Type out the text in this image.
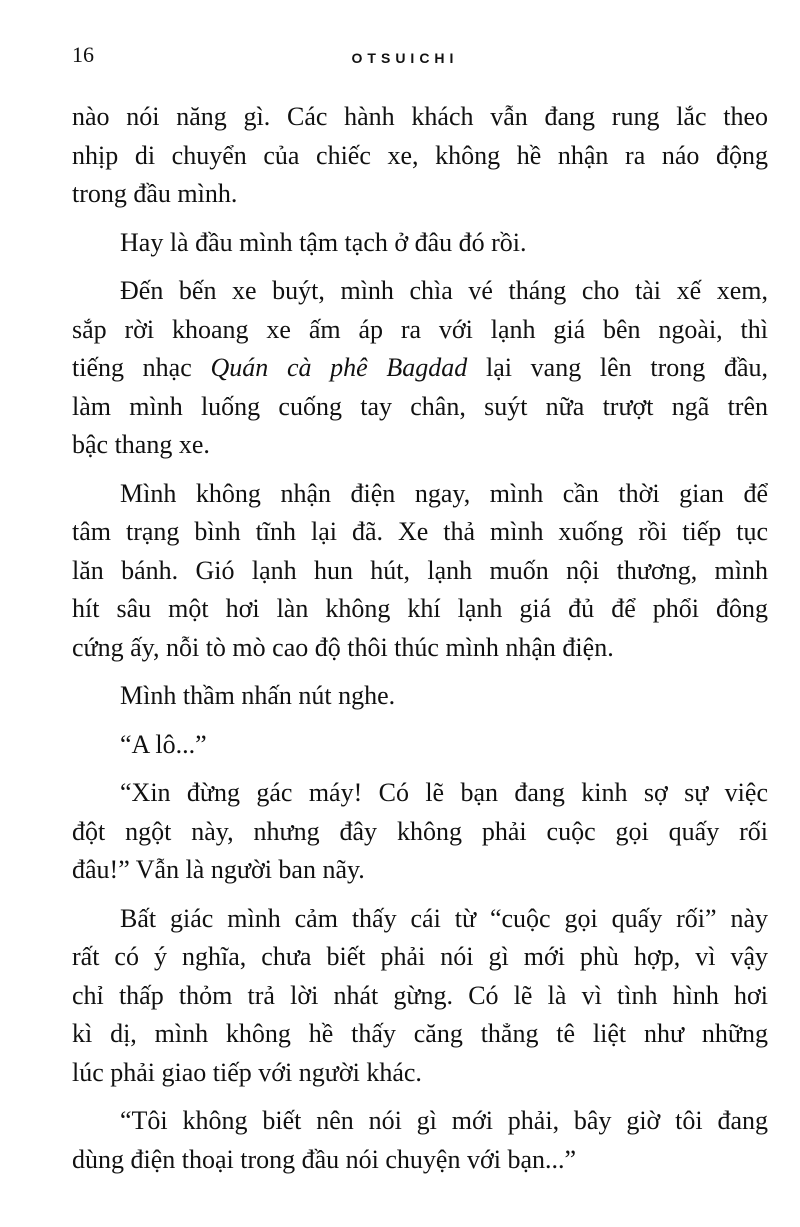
16	OTSUICHI
nào nói năng gì. Các hành khách vẫn đang rung lắc theo
nhịp di chuyển của chiếc xe, không hề nhận ra náo động
trong đầu mình.
Hay là đầu mình tậm tạch ở đâu đó rồi.
Đến bến xe buýt, mình chìa vé tháng cho tài xế xem,
sắp rời khoang xe ấm áp ra với lạnh giá bên ngoài, thì
tiếng nhạc Quán cà phê Bagdad lại vang lên trong đầu,
làm mình luống cuống tay chân, suýt nữa trượt ngã trên
bậc thang xe.
Mình không nhận điện ngay, mình cần thời gian để
tâm trạng bình tĩnh lại đã. Xe thả mình xuống rồi tiếp tục
lăn bánh. Gió lạnh hun hút, lạnh muốn nội thương, mình
hít sâu một hơi làn không khí lạnh giá đủ để phổi đông
cứng ấy, nỗi tò mò cao độ thôi thúc mình nhận điện.
Mình thầm nhấn nút nghe.
“A lô...”
“Xin đừng gác máy! Có lẽ bạn đang kinh sợ sự việc
đột ngột này, nhưng đây không phải cuộc gọi quấy rối
đâu!” Vẫn là người ban nãy.
Bất giác mình cảm thấy cái từ “cuộc gọi quấy rối” này
rất có ý nghĩa, chưa biết phải nói gì mới phù hợp, vì vậy
chỉ thấp thỏm trả lời nhát gừng. Có lẽ là vì tình hình hơi
kì dị, mình không hề thấy căng thẳng tê liệt như những
lúc phải giao tiếp với người khác.
“Tôi không biết nên nói gì mới phải, bây giờ tôi đang
dùng điện thoại trong đầu nói chuyện với bạn...”
